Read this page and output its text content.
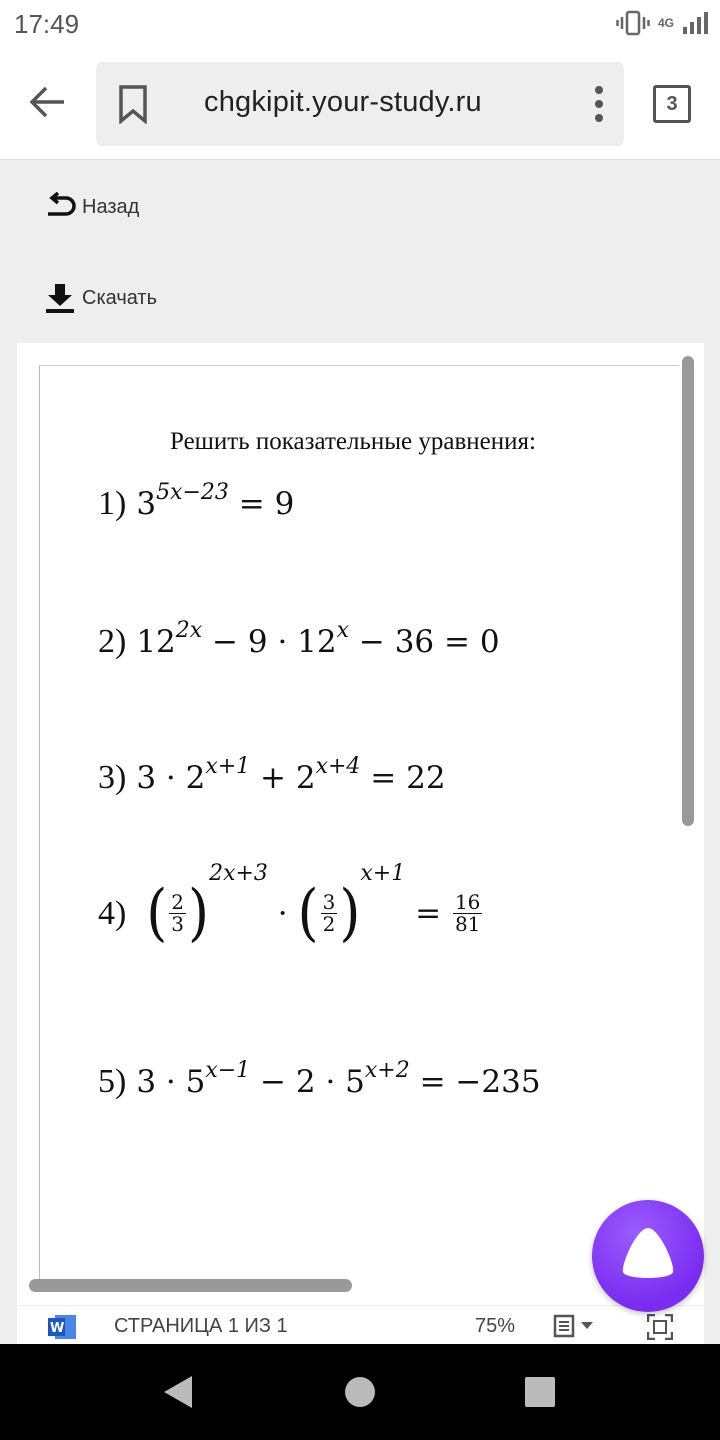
17:49	4G
chgkipit.your-study.ru	3
Назад
Скачать
Решить показательные уравнения:
1) $3^{5x-23} = 9$
2) $12^{2x} - 9 \cdot 12^x - 36 = 0$
3) $3 \cdot 2^{x+1} + 2^{x+4} = 22$
4) ( $\frac{2}{3} )^{2x+3}$ · ( $\frac{3}{2} )^{x+1} = \frac{16}{81}$
5) $3 \cdot 5^{x-1} - 2 \cdot 5^{x+2} = -235$
W СТРАНИЦА 1 ИЗ 1	75%
